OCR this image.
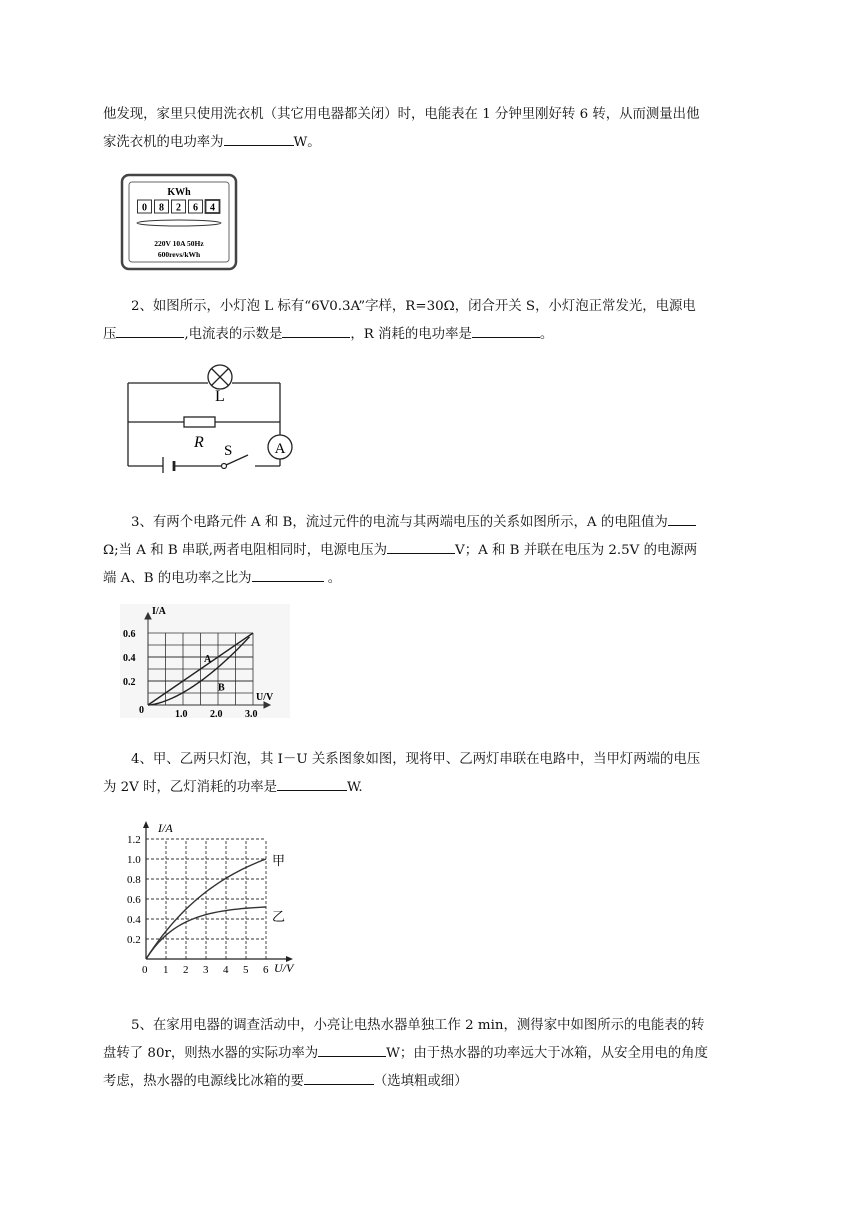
他发现，家里只使用洗衣机（其它用电器都关闭）时，电能表在 1 分钟里刚好转 6 转，从而测量出他
家洗衣机的电功率为	W。
KWh
0 8 2 6 4
220V 10A 50Hz
600revs/kWh
2、如图所示，小灯泡 L 标有“6V0.3A”字样，R=30Ω，闭合开关 S，小灯泡正常发光，电源电
压	,电流表的示数是	，R 消耗的电功率是	。
L
R	A
S
3、有两个电路元件 A 和 B，流过元件的电流与其两端电压的关系如图所示，A 的电阻值为
Ω;当 A 和 B 串联,两者电阻相同时，电源电压为	V；A 和 B 并联在电压为 2.5V 的电源两
端 A、B 的电功率之比为	。
I/A
U/V
0.6
0.4
0.2
1.0 2.0 3.0
0
A
B
4、甲、乙两只灯泡，其 I－U 关系图象如图，现将甲、乙两灯串联在电路中，当甲灯两端的电压
为 2V 时，乙灯消耗的功率是	W.
I/A
U/V
1.2
1.0
0.8
0.6
0.4
0.2
1 2 3 4 5 6
0
甲
乙
5、在家用电器的调查活动中，小亮让电热水器单独工作 2 min，测得家中如图所示的电能表的转
盘转了 80r，则热水器的实际功率为	W；由于热水器的功率远大于冰箱，从安全用电的角度
考虑，热水器的电源线比冰箱的要	（选填粗或细）
